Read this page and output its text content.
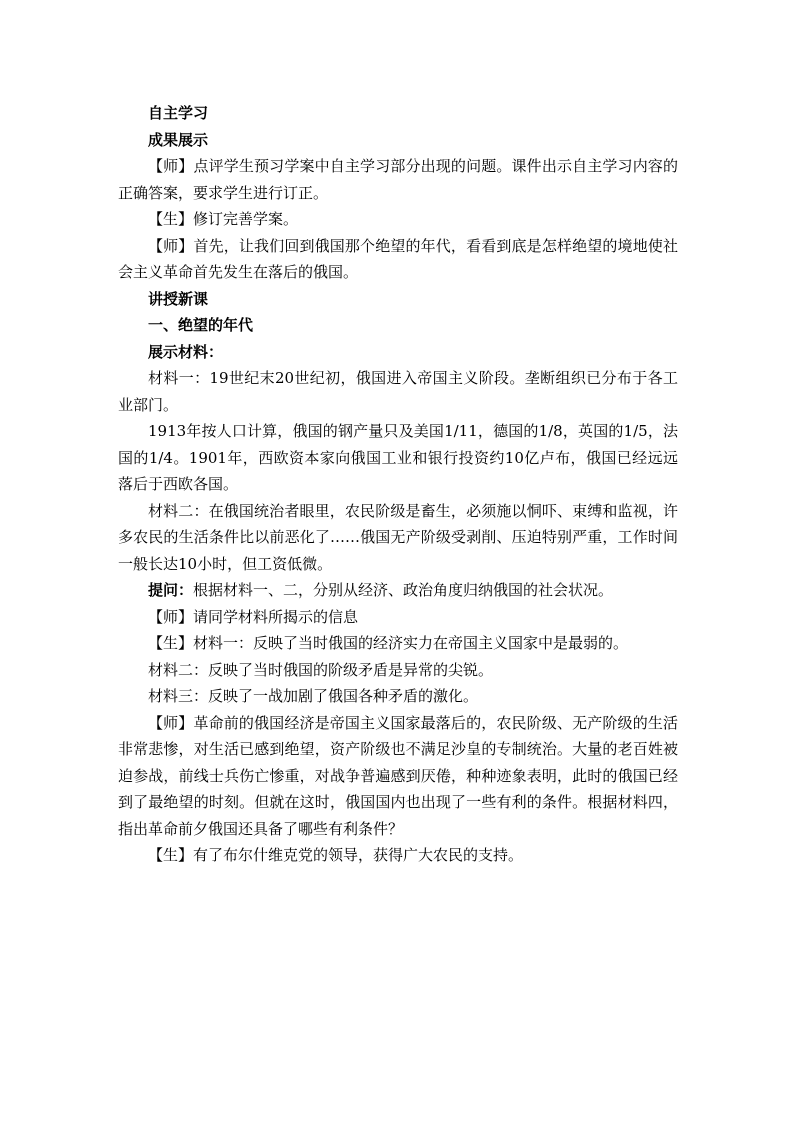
自主学习

成果展示

【师】点评学生预习学案中自主学习部分出现的问题。课件出示自主学习内容的正确答案，要求学生进行订正。

【生】修订完善学案。

【师】首先，让我们回到俄国那个绝望的年代，看看到底是怎样绝望的境地使社会主义革命首先发生在落后的俄国。

讲授新课

一、绝望的年代

展示材料：

材料一：19世纪末20世纪初，俄国进入帝国主义阶段。垄断组织已分布于各工业部门。

1913年按人口计算，俄国的钢产量只及美国1/11，德国的1/8，英国的1/5，法国的1/4。1901年，西欧资本家向俄国工业和银行投资约10亿卢布，俄国已经远远落后于西欧各国。

材料二：在俄国统治者眼里，农民阶级是畜生，必须施以恫吓、束缚和监视，许多农民的生活条件比以前恶化了……俄国无产阶级受剥削、压迫特别严重，工作时间一般长达10小时，但工资低微。

提问：根据材料一、二，分别从经济、政治角度归纳俄国的社会状况。

【师】请同学材料所揭示的信息

【生】材料一：反映了当时俄国的经济实力在帝国主义国家中是最弱的。

材料二：反映了当时俄国的阶级矛盾是异常的尖锐。

材料三：反映了一战加剧了俄国各种矛盾的激化。

【师】革命前的俄国经济是帝国主义国家最落后的，农民阶级、无产阶级的生活非常悲惨，对生活已感到绝望，资产阶级也不满足沙皇的专制统治。大量的老百姓被迫参战，前线士兵伤亡惨重，对战争普遍感到厌倦，种种迹象表明，此时的俄国已经到了最绝望的时刻。但就在这时，俄国国内也出现了一些有利的条件。根据材料四，指出革命前夕俄国还具备了哪些有利条件？

【生】有了布尔什维克党的领导，获得广大农民的支持。
